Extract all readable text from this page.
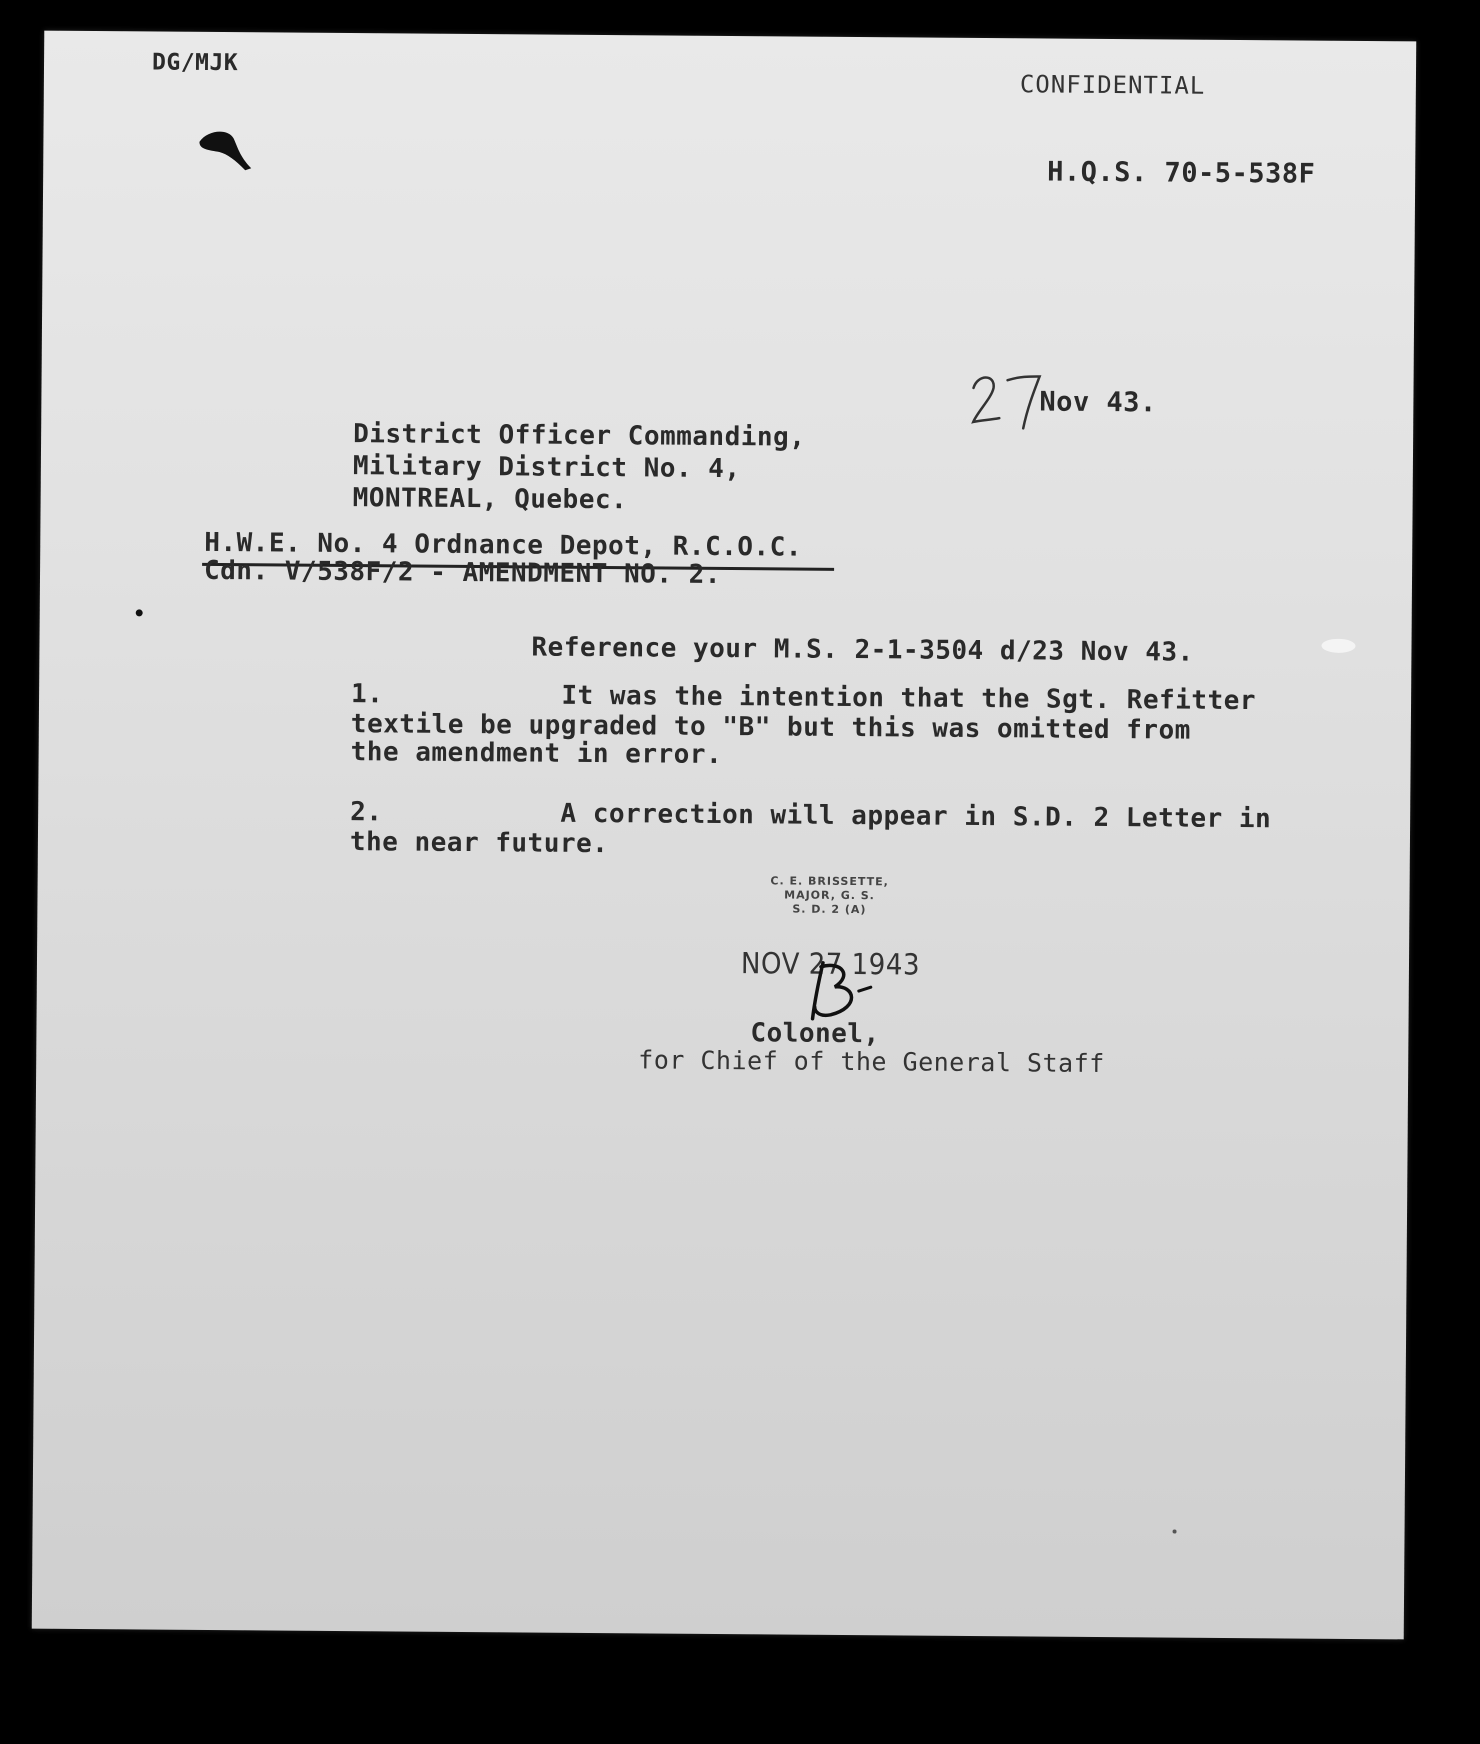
DG/MJK
CONFIDENTIAL
H.Q.S. 70-5-538F
Nov 43.
District Officer Commanding,
Military District No. 4,
MONTREAL, Quebec.
H.W.E. No. 4 Ordnance Depot, R.C.O.C.
Cdn. V/538F/2 - AMENDMENT NO. 2.
Reference your M.S. 2-1-3504 d/23 Nov 43.
1.	It was the intention that the Sgt. Refitter
textile be upgraded to "B" but this was omitted from
the amendment in error.
2.	A correction will appear in S.D. 2 Letter in
the near future.
C. E. BRISSETTE,
MAJOR, G. S.
S. D. 2 (A)
NOV 27 1943
Colonel,
for Chief of the General Staff
